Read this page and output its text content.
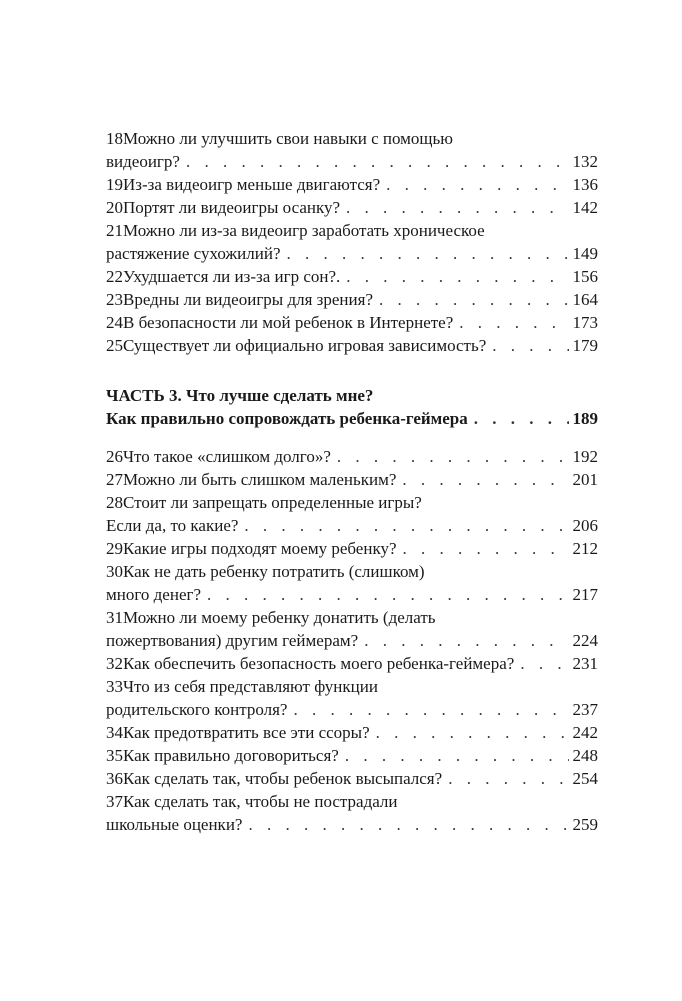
18 Можно ли улучшить свои навыки с помощью
видеоигр? . . .	132
19 Из-за видеоигр меньше двигаются? . . .	136
20 Портят ли видеоигры осанку? . . .	142
21 Можно ли из-за видеоигр заработать хроническое
растяжение сухожилий? . . .	149
22 Ухудшается ли из-за игр сон?. . . .	156
23 Вредны ли видеоигры для зрения? . . .	164
24 В безопасности ли мой ребенок в Интернете? . . .	173
25 Существует ли официально игровая зависимость? . . .	179
ЧАСТЬ 3. Что лучше сделать мне?
Как правильно сопровождать ребенка-геймера . . .	189
26 Что такое «слишком долго»? . . .	192
27 Можно ли быть слишком маленьким? . . .	201
28 Стоит ли запрещать определенные игры?
Если да, то какие? . . .	206
29 Какие игры подходят моему ребенку? . . .	212
30 Как не дать ребенку потратить (слишком)
много денег? . . .	217
31 Можно ли моему ребенку донатить (делать
пожертвования) другим геймерам? . . .	224
32 Как обеспечить безопасность моего ребенка-геймера? . . .	231
33 Что из себя представляют функции
родительского контроля? . . .	237
34 Как предотвратить все эти ссоры? . . .	242
35 Как правильно договориться? . . .	248
36 Как сделать так, чтобы ребенок высыпался? . . .	254
37 Как сделать так, чтобы не пострадали
школьные оценки? . . .	259
